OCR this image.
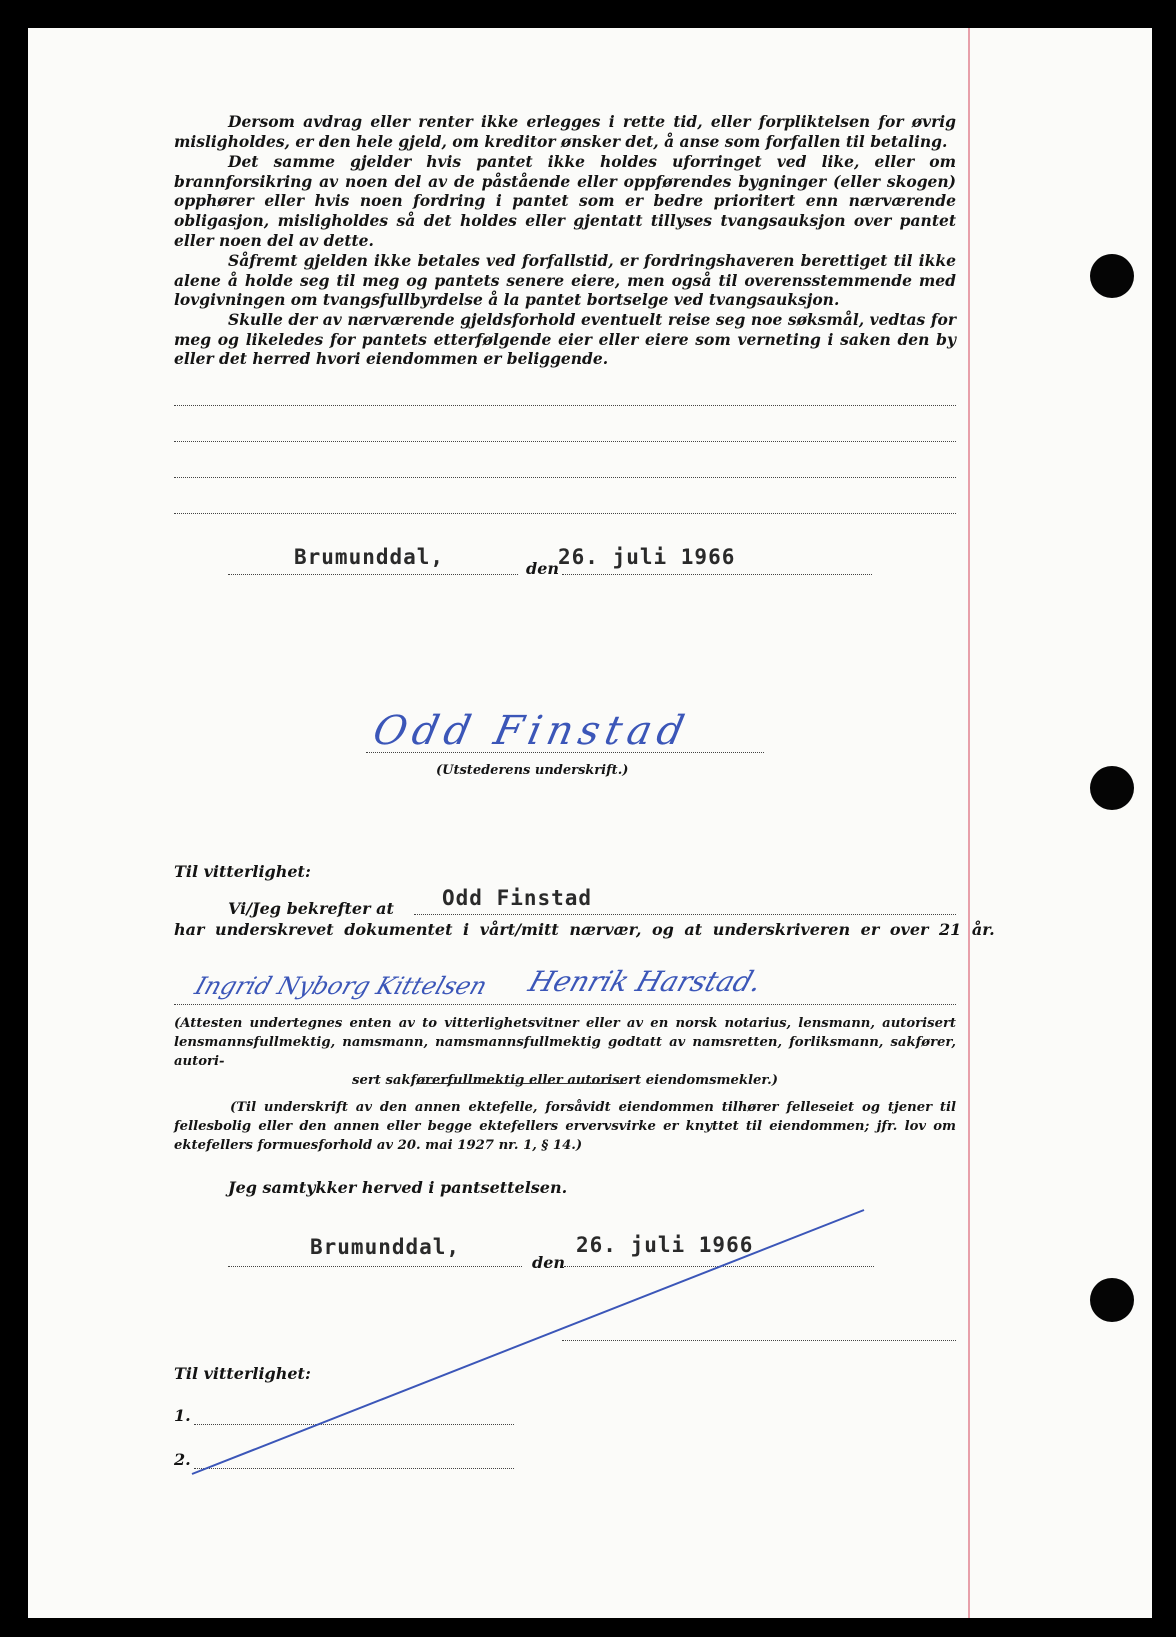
Dersom avdrag eller renter ikke erlegges i rette tid, eller forpliktelsen for øvrig misligholdes, er den hele gjeld, om kreditor ønsker det, å anse som forfallen til betaling.

Det samme gjelder hvis pantet ikke holdes uforringet ved like, eller om brannforsikring av noen del av de påstående eller oppførendes bygninger (eller skogen) opphører eller hvis noen fordring i pantet som er bedre prioritert enn nærværende obligasjon, misligholdes så det holdes eller gjentatt tillyses tvangsauksjon over pantet eller noen del av dette.

Såfremt gjelden ikke betales ved forfallstid, er fordringshaveren berettiget til ikke alene å holde seg til meg og pantets senere eiere, men også til overensstemmende med lovgivningen om tvangsfullbyrdelse å la pantet bortselge ved tvangsauksjon.

Skulle der av nærværende gjeldsforhold eventuelt reise seg noe søksmål, vedtas for meg og likeledes for pantets etterfølgende eier eller eiere som verneting i saken den by eller det herred hvori eiendommen er beliggende.

Brumunddal,	den 26. juli 1966
Odd Finstad
(Utstederens underskrift.)
Til vitterlighet:
Vi/Jeg bekrefter at Odd Finstad
har underskrevet dokumentet i vårt/mitt nærvær, og at underskriveren er over 21 år.
Ingrid Nyborg Kittelsen Henrik Harstad.

(Attesten undertegnes enten av to vitterlighetsvitner eller av en norsk notarius, lensmann, autorisert lensmannsfullmektig, namsmann, namsmannsfullmektig godtatt av namsretten, forliksmann, sakfører, autori-
sert sakførerfullmektig eller autorisert eiendomsmekler.)

(Til underskrift av den annen ektefelle, forsåvidt eiendommen tilhører felleseiet og tjener til fellesbolig eller den annen eller begge ektefellers ervervsvirke er knyttet til eiendommen; jfr. lov om ektefellers formuesforhold av 20. mai 1927 nr. 1, § 14.)

Jeg samtykker herved i pantsettelsen.
Brumunddal,
den
26. juli 1966
Til vitterlighet:
1.
2.
